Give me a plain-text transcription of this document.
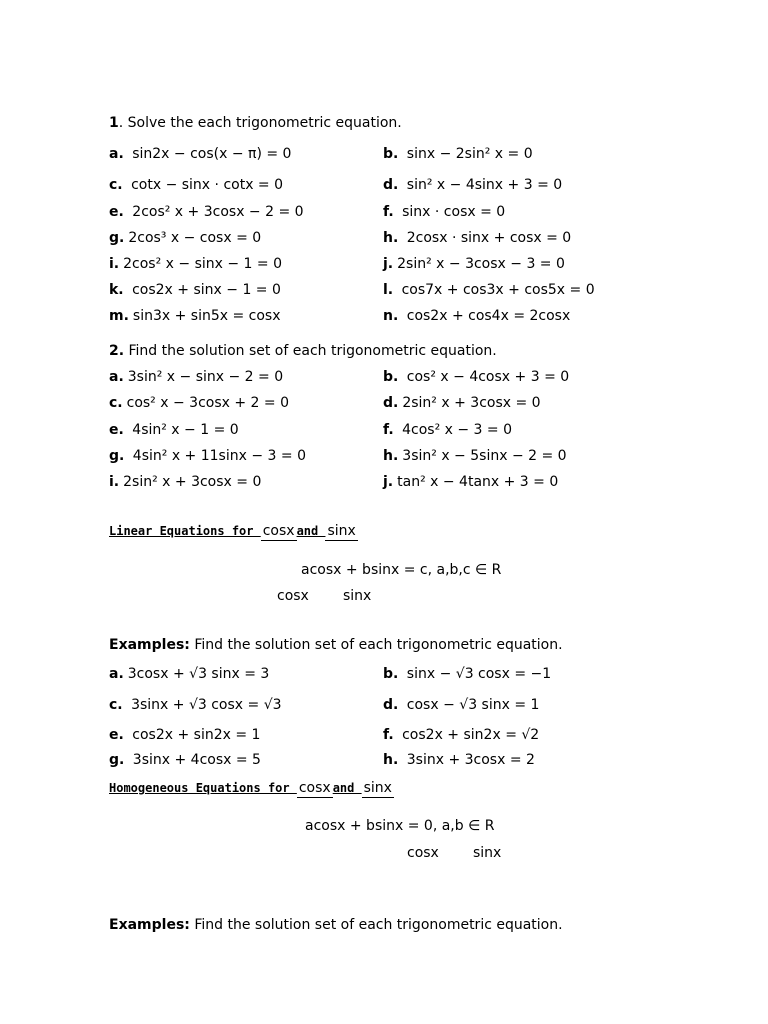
1. Solve the each trigonometric equation.
a. sin2x − cos(x − π) = 0	b. sinx − 2sin² x = 0
c. cotx − sinx · cotx = 0	d. sin² x − 4sinx + 3 = 0
e. 2cos² x + 3cosx − 2 = 0	f. sinx · cosx = 0
g. 2cos³ x − cosx = 0	h. 2cosx · sinx + cosx = 0
i. 2cos² x − sinx − 1 = 0	j. 2sin² x − 3cosx − 3 = 0
k. cos2x + sinx − 1 = 0	l. cos7x + cos3x + cos5x = 0
m. sin3x + sin5x = cosx	n. cos2x + cos4x = 2cosx
2. Find the solution set of each trigonometric equation.
a. 3sin² x − sinx − 2 = 0	b. cos² x − 4cosx + 3 = 0
c. cos² x − 3cosx + 2 = 0	d. 2sin² x + 3cosx = 0
e. 4sin² x − 1 = 0	f. 4cos² x − 3 = 0
g. 4sin² x + 11sinx − 3 = 0	h. 3sin² x − 5sinx − 2 = 0
i. 2sin² x + 3cosx = 0	j. tan² x − 4tanx + 3 = 0
Linear Equations for cosx and sinx
acosx + bsinx = c, a,b,c ∈ R
cosx sinx
Examples: Find the solution set of each trigonometric equation.
a. 3cosx + √3 sinx = 3	b. sinx − √3 cosx = −1
c. 3sinx + √3 cosx = √3	d. cosx − √3 sinx = 1
e. cos2x + sin2x = 1	f. cos2x + sin2x = √2
g. 3sinx + 4cosx = 5	h. 3sinx + 3cosx = 2
Homogeneous Equations for cosx and sinx
acosx + bsinx = 0, a,b ∈ R
cosx sinx
Examples: Find the solution set of each trigonometric equation.
